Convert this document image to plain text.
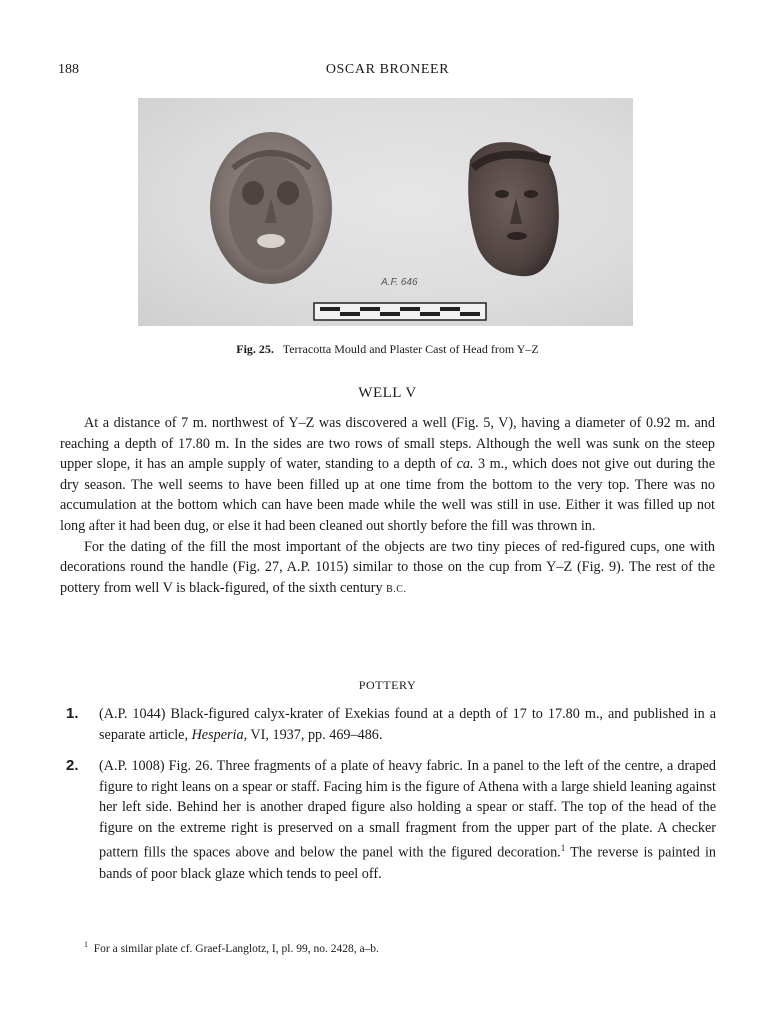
188	OSCAR BRONEER
A.F. 646
Fig. 25. Terracotta Mould and Plaster Cast of Head from Y–Z
WELL V

At a distance of 7 m. northwest of Y–Z was discovered a well (Fig. 5, V), having a diameter of 0.92 m. and reaching a depth of 17.80 m. In the sides are two rows of small steps. Although the well was sunk on the steep upper slope, it has an ample supply of water, standing to a depth of ca. 3 m., which does not give out during the dry season. The well seems to have been filled up at one time from the bottom to the very top. There was no accumulation at the bottom which can have been made while the well was still in use. Either it was filled up not long after it had been dug, or else it had been cleaned out shortly before the fill was thrown in.

For the dating of the fill the most important of the objects are two tiny pieces of red-figured cups, one with decorations round the handle (Fig. 27, A.P. 1015) similar to those on the cup from Y–Z (Fig. 9). The rest of the pottery from well V is black-figured, of the sixth century B.C.

POTTERY
1. (A.P. 1044) Black-figured calyx-krater of Exekias found at a depth of 17 to 17.80 m., and published in a separate article, Hesperia, VI, 1937, pp. 469–486.
2. (A.P. 1008) Fig. 26. Three fragments of a plate of heavy fabric. In a panel to the left of the centre, a draped figure to right leans on a spear or staff. Facing him is the figure of Athena with a large shield leaning against her left side. Behind her is another draped figure also holding a spear or staff. The top of the head of the figure on the extreme right is preserved on a small fragment from the upper part of the plate. A checker pattern fills the spaces above and below the panel with the figured decoration.$^1$ The reverse is painted in bands of poor black glaze which tends to peel off.
$^1$ For a similar plate cf. Graef-Langlotz, I, pl. 99, no. 2428, a–b.
